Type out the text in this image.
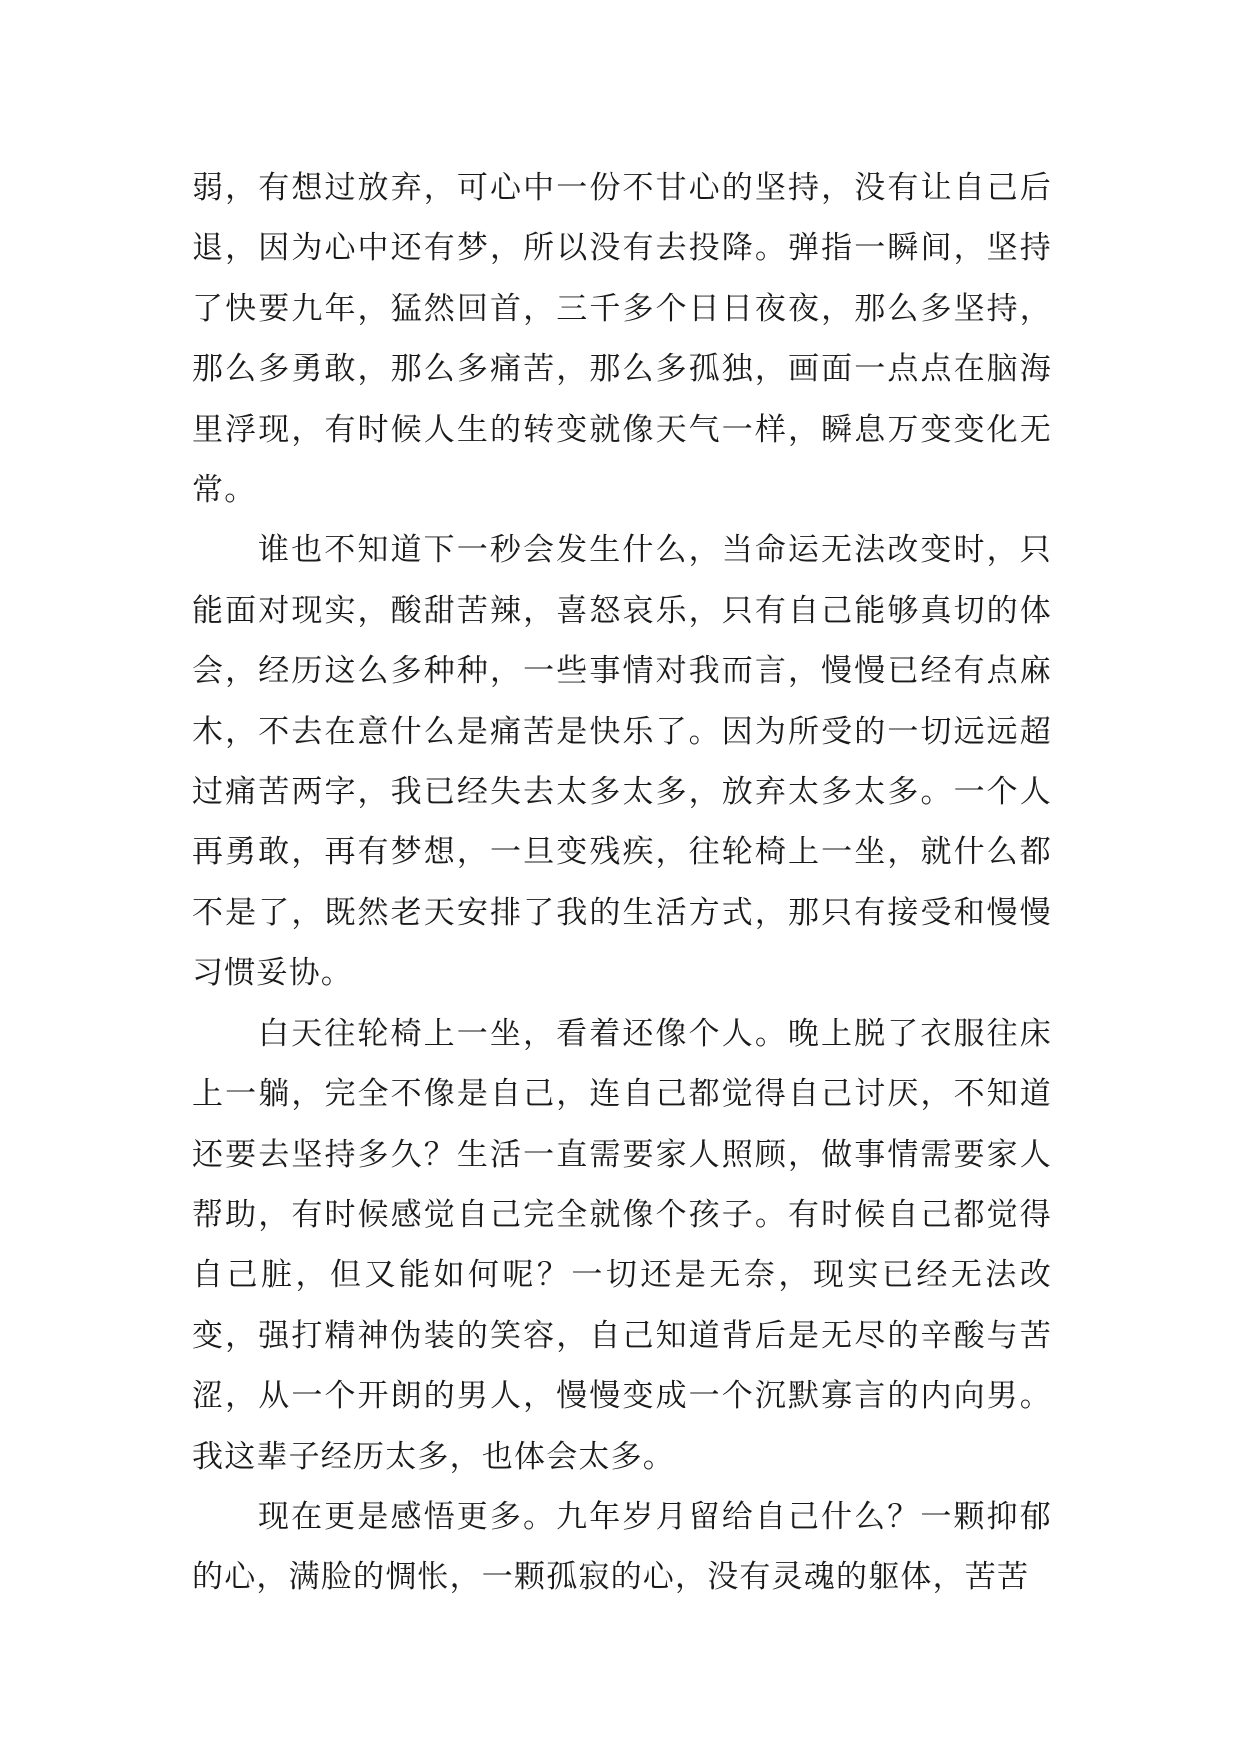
弱，有想过放弃，可心中一份不甘心的坚持，没有让自己后退，因为心中还有梦，所以没有去投降。弹指一瞬间，坚持了快要九年，猛然回首，三千多个日日夜夜，那么多坚持，那么多勇敢，那么多痛苦，那么多孤独，画面一点点在脑海里浮现，有时候人生的转变就像天气一样，瞬息万变变化无常。

谁也不知道下一秒会发生什么，当命运无法改变时，只能面对现实，酸甜苦辣，喜怒哀乐，只有自己能够真切的体会，经历这么多种种，一些事情对我而言，慢慢已经有点麻木，不去在意什么是痛苦是快乐了。因为所受的一切远远超过痛苦两字，我已经失去太多太多，放弃太多太多。一个人再勇敢，再有梦想，一旦变残疾，往轮椅上一坐，就什么都不是了，既然老天安排了我的生活方式，那只有接受和慢慢习惯妥协。

白天往轮椅上一坐，看着还像个人。晚上脱了衣服往床上一躺，完全不像是自己，连自己都觉得自己讨厌，不知道还要去坚持多久？生活一直需要家人照顾，做事情需要家人帮助，有时候感觉自己完全就像个孩子。有时候自己都觉得自己脏，但又能如何呢？一切还是无奈，现实已经无法改变，强打精神伪装的笑容，自己知道背后是无尽的辛酸与苦涩，从一个开朗的男人，慢慢变成一个沉默寡言的内向男。我这辈子经历太多，也体会太多。

现在更是感悟更多。九年岁月留给自己什么？一颗抑郁的心，满脸的惆怅，一颗孤寂的心，没有灵魂的躯体，苦苦
